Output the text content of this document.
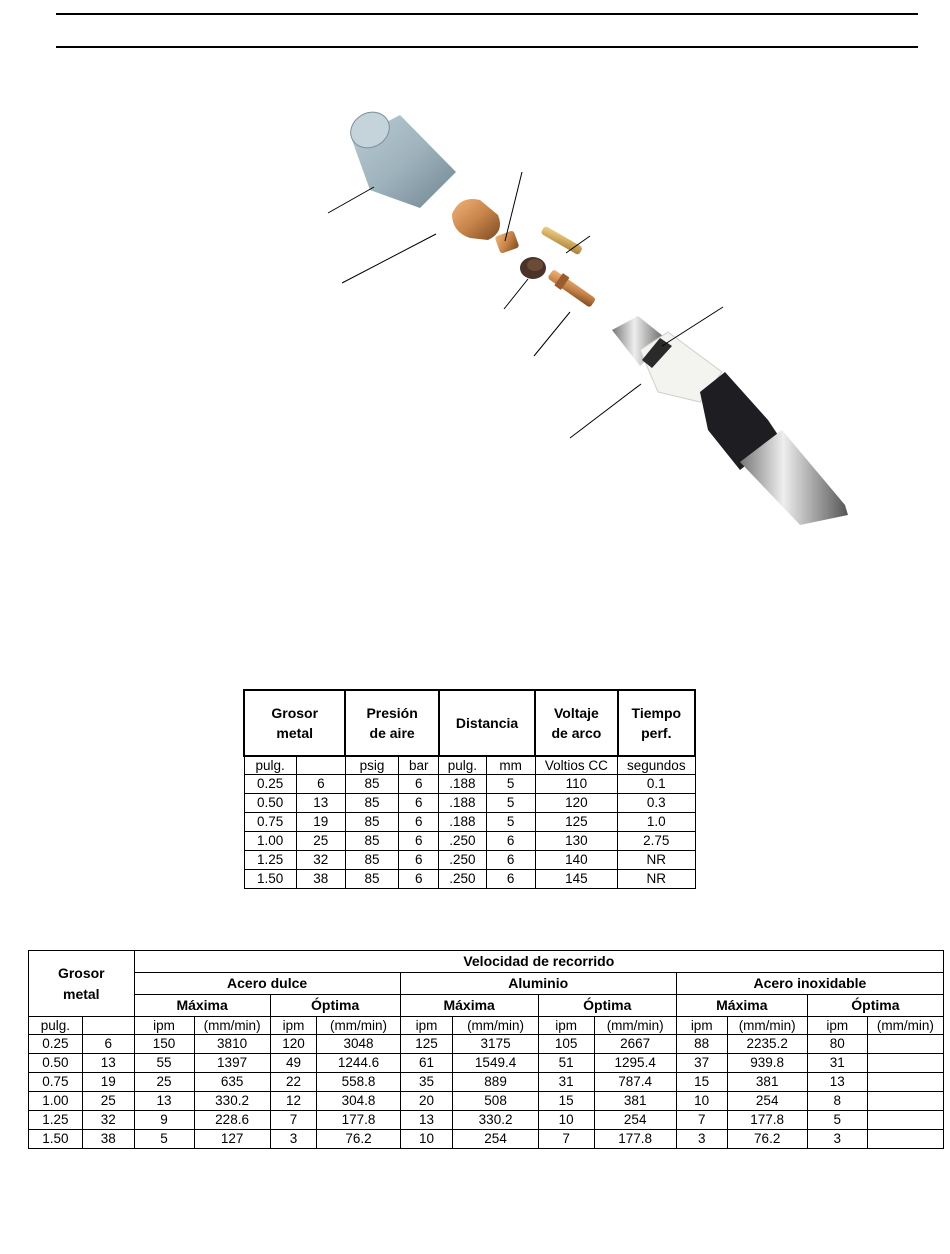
Grosor metal		Presión de aire		Distancia		Voltaje de arco	Tiempo perf.
pulg.		psig	bar	pulg.	mm	Voltios CC	segundos
0.25	6	85	6	.188	5	110	0.1
0.50	13	85	6	.188	5	120	0.3
0.75	19	85	6	.188	5	125	1.0
1.00	25	85	6	.250	6	130	2.75
1.25	32	85	6	.250	6	140	NR
1.50	38	85	6	.250	6	145	NR
Grosor metal		Velocidad de recorrido											
		Acero dulce				Aluminio				Acero inoxidable			
		Máxima		Óptima		Máxima		Óptima		Máxima		Óptima	
pulg.		ipm	(mm/min)	ipm	(mm/min)	ipm	(mm/min)	ipm	(mm/min)	ipm	(mm/min)	ipm	(mm/min)
0.25	6	150	3810	120	3048	125	3175	105	2667	88	2235.2	80	
0.50	13	55	1397	49	1244.6	61	1549.4	51	1295.4	37	939.8	31	
0.75	19	25	635	22	558.8	35	889	31	787.4	15	381	13	
1.00	25	13	330.2	12	304.8	20	508	15	381	10	254	8	
1.25	32	9	228.6	7	177.8	13	330.2	10	254	7	177.8	5	
1.50	38	5	127	3	76.2	10	254	7	177.8	3	76.2	3	
